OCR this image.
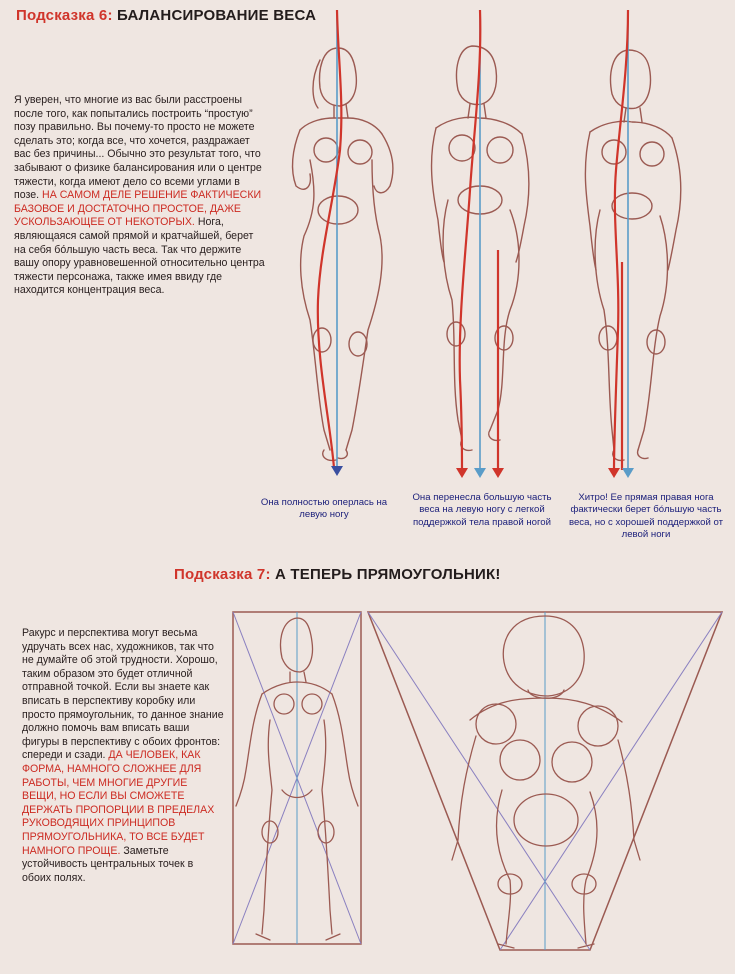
Подсказка 6: БАЛАНСИРОВАНИЕ ВЕСА
Я уверен, что многие из вас были расстроены после того, как попытались построить “простую” позу правильно. Вы почему-то просто не можете сделать это; когда все, что хочется, раздражает вас без причины... Обычно это результат того, что забывают о физике балансирования или о центре тяжести, когда имеют дело со всеми углами в позе. НА САМОМ ДЕЛЕ РЕШЕНИЕ ФАКТИЧЕСКИ БАЗОВОЕ И ДОСТАТОЧНО ПРОСТОЕ, ДАЖЕ УСКОЛЬЗАЮЩЕЕ ОТ НЕКОТОРЫХ. Нога, являющаяся самой прямой и кратчайшей, берет на себя бóльшую часть веса. Так что держите вашу опору уравновешенной относительно центра тяжести персонажа, также имея ввиду где находится концентрация веса.
Она полностью оперлась на левую ногу
Она перенесла большую часть веса на левую ногу с легкой поддержкой тела правой ногой
Хитро! Ее прямая правая нога фактически берет бóльшую часть веса, но с хорошей поддержкой от левой ноги
Подсказка 7: А ТЕПЕРЬ ПРЯМОУГОЛЬНИК!
Ракурс и перспектива могут весьма удручать всех нас, художников, так что не думайте об этой трудности. Хорошо, таким образом это будет отличной отправной точкой. Если вы знаете как вписать в перспективу коробку или просто прямоугольник, то данное знание должно помочь вам вписать ваши фигуры в перспективу с обоих фронтов: спереди и сзади. ДА ЧЕЛОВЕК, КАК ФОРМА, НАМНОГО СЛОЖНЕЕ ДЛЯ РАБОТЫ, ЧЕМ МНОГИЕ ДРУГИЕ ВЕЩИ, НО ЕСЛИ ВЫ СМОЖЕТЕ ДЕРЖАТЬ ПРОПОРЦИИ В ПРЕДЕЛАХ РУКОВОДЯЩИХ ПРИНЦИПОВ ПРЯМОУГОЛЬНИКА, ТО ВСЕ БУДЕТ НАМНОГО ПРОЩЕ. Заметьте устойчивость центральных точек в обоих полях.
